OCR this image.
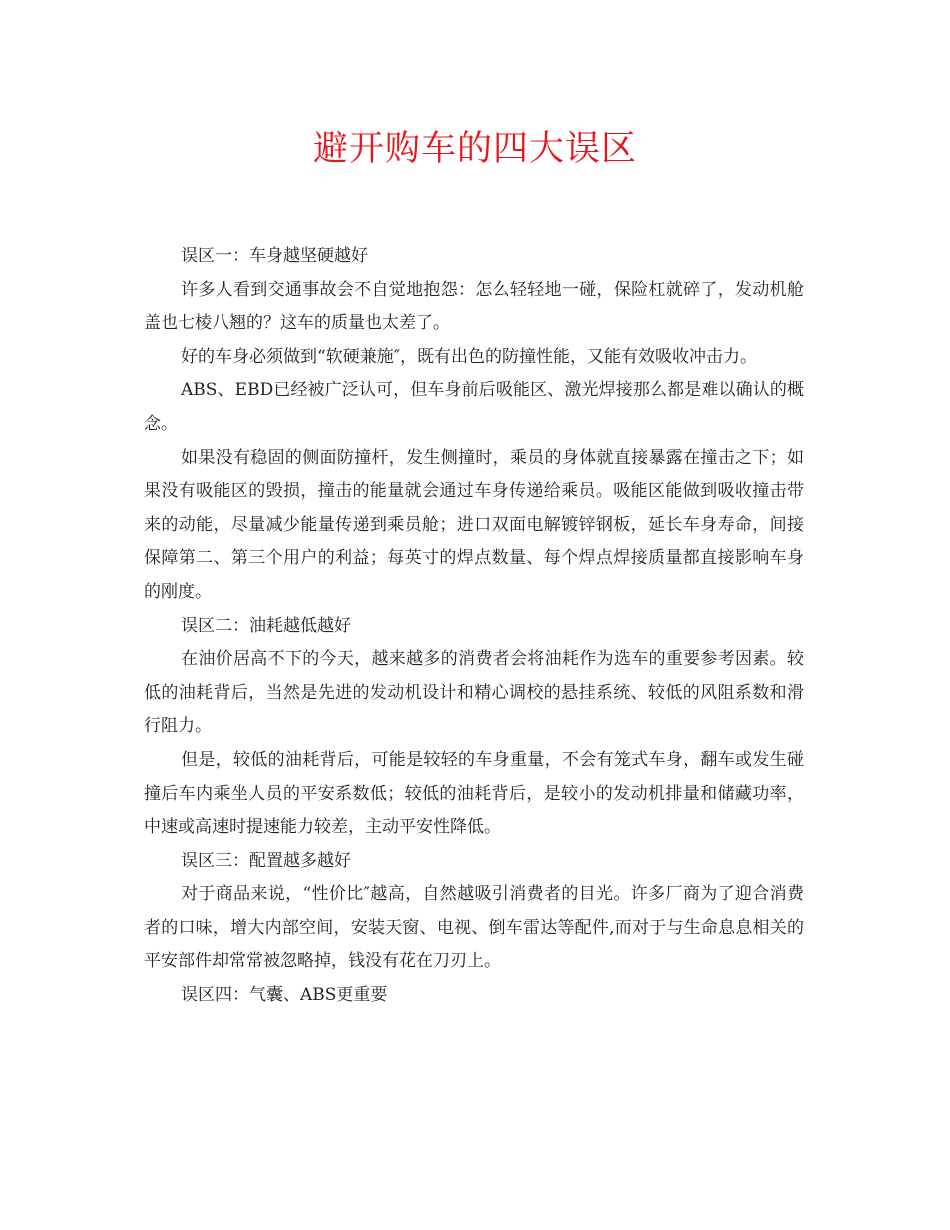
避开购车的四大误区

误区一：车身越坚硬越好

许多人看到交通事故会不自觉地抱怨：怎么轻轻地一碰，保险杠就碎了，发动机舱盖也七棱八翘的？这车的质量也太差了。

好的车身必须做到“软硬兼施″，既有出色的防撞性能，又能有效吸收冲击力。

ABS、EBD已经被广泛认可，但车身前后吸能区、激光焊接那么都是难以确认的概念。

如果没有稳固的侧面防撞杆，发生侧撞时，乘员的身体就直接暴露在撞击之下；如果没有吸能区的毁损，撞击的能量就会通过车身传递给乘员。吸能区能做到吸收撞击带来的动能，尽量减少能量传递到乘员舱；进口双面电解镀锌钢板，延长车身寿命，间接保障第二、第三个用户的利益；每英寸的焊点数量、每个焊点焊接质量都直接影响车身的刚度。

误区二：油耗越低越好

在油价居高不下的今天，越来越多的消费者会将油耗作为选车的重要参考因素。较低的油耗背后，当然是先进的发动机设计和精心调校的悬挂系统、较低的风阻系数和滑行阻力。

但是，较低的油耗背后，可能是较轻的车身重量，不会有笼式车身，翻车或发生碰撞后车内乘坐人员的平安系数低；较低的油耗背后，是较小的发动机排量和储藏功率，中速或高速时提速能力较差，主动平安性降低。

误区三：配置越多越好

对于商品来说，“性价比″越高，自然越吸引消费者的目光。许多厂商为了迎合消费者的口味，增大内部空间，安装天窗、电视、倒车雷达等配件,而对于与生命息息相关的平安部件却常常被忽略掉，钱没有花在刀刃上。

误区四：气囊、ABS更重要
